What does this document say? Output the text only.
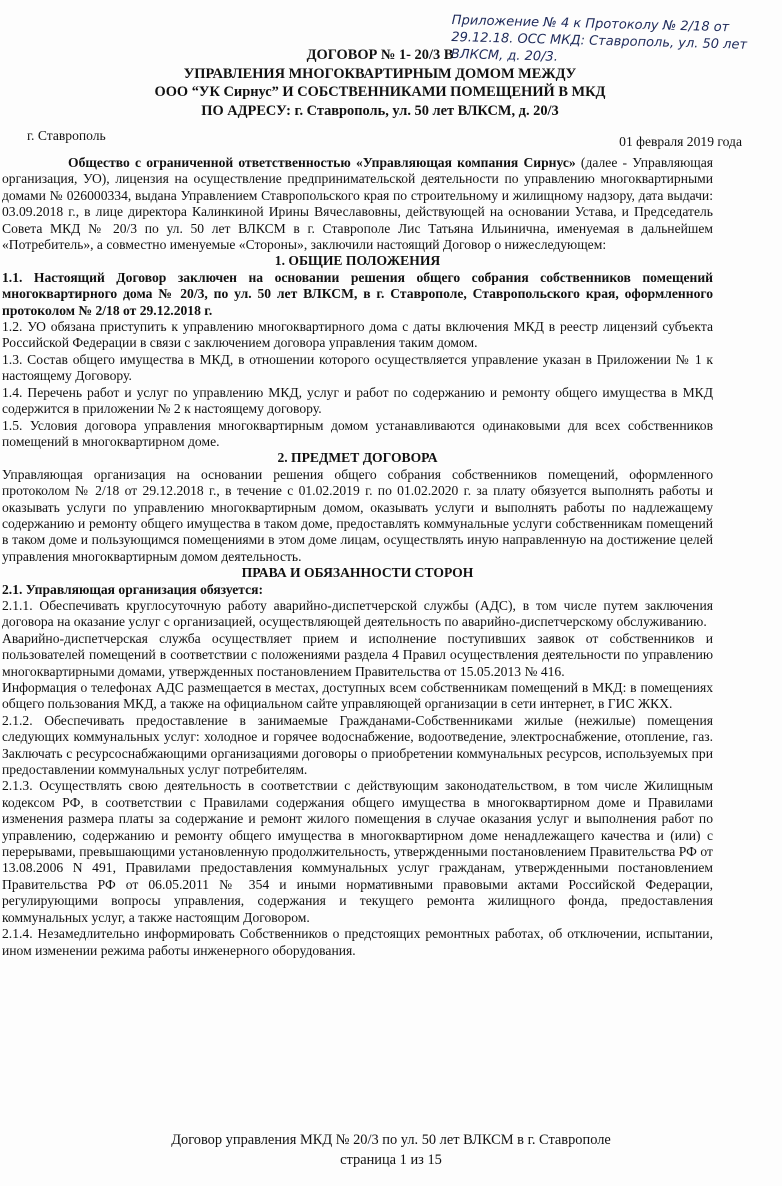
Приложение № 4 к Протоколу № 2/18 от
29.12.18. ОСС МКД: Ставрополь, ул. 50 лет
ВЛКСМ, д. 20/3.
ДОГОВОР № 1- 20/3 В
УПРАВЛЕНИЯ МНОГОКВАРТИРНЫМ ДОМОМ МЕЖДУ
ООО “УК Сирнус” И СОБСТВЕННИКАМИ ПОМЕЩЕНИЙ В МКД
ПО АДРЕСУ: г. Ставрополь, ул. 50 лет ВЛКСМ, д. 20/3
г. Ставрополь	01 февраля 2019 года

Общество с ограниченной ответственностью «Управляющая компания Сирнус» (далее - Управляющая организация, УО), лицензия на осуществление предпринимательской деятельности по управлению многоквартирными домами № 026000334, выдана Управлением Ставропольского края по строительному и жилищному надзору, дата выдачи: 03.09.2018 г., в лице директора Калинкиной Ирины Вячеславовны, действующей на основании Устава, и Председатель Совета МКД № 20/3 по ул. 50 лет ВЛКСМ в г. Ставрополе Лис Татьяна Ильинична, именуемая в дальнейшем «Потребитель», а совместно именуемые «Стороны», заключили настоящий Договор о нижеследующем:

1. ОБЩИЕ ПОЛОЖЕНИЯ

1.1. Настоящий Договор заключен на основании решения общего собрания собственников помещений многоквартирного дома № 20/3, по ул. 50 лет ВЛКСМ, в г. Ставрополе, Ставропольского края, оформленного протоколом № 2/18 от 29.12.2018 г.

1.2. УО обязана приступить к управлению многоквартирного дома с даты включения МКД в реестр лицензий субъекта Российской Федерации в связи с заключением договора управления таким домом.

1.3. Состав общего имущества в МКД, в отношении которого осуществляется управление указан в Приложении № 1 к настоящему Договору.

1.4. Перечень работ и услуг по управлению МКД, услуг и работ по содержанию и ремонту общего имущества в МКД содержится в приложении № 2 к настоящему договору.

1.5. Условия договора управления многоквартирным домом устанавливаются одинаковыми для всех собственников помещений в многоквартирном доме.

2. ПРЕДМЕТ ДОГОВОРА

Управляющая организация на основании решения общего собрания собственников помещений, оформленного протоколом № 2/18 от 29.12.2018 г., в течение с 01.02.2019 г. по 01.02.2020 г. за плату обязуется выполнять работы и оказывать услуги по управлению многоквартирным домом, оказывать услуги и выполнять работы по надлежащему содержанию и ремонту общего имущества в таком доме, предоставлять коммунальные услуги собственникам помещений в таком доме и пользующимся помещениями в этом доме лицам, осуществлять иную направленную на достижение целей управления многоквартирным домом деятельность.

ПРАВА И ОБЯЗАННОСТИ СТОРОН

2.1. Управляющая организация обязуется:

2.1.1. Обеспечивать круглосуточную работу аварийно-диспетчерской службы (АДС), в том числе путем заключения договора на оказание услуг с организацией, осуществляющей деятельность по аварийно-диспетчерскому обслуживанию.

Аварийно-диспетчерская служба осуществляет прием и исполнение поступивших заявок от собственников и пользователей помещений в соответствии с положениями раздела 4 Правил осуществления деятельности по управлению многоквартирными домами, утвержденных постановлением Правительства от 15.05.2013 № 416.

Информация о телефонах АДС размещается в местах, доступных всем собственникам помещений в МКД: в помещениях общего пользования МКД, а также на официальном сайте управляющей организации в сети интернет, в ГИС ЖКХ.

2.1.2. Обеспечивать предоставление в занимаемые Гражданами-Собственниками жилые (нежилые) помещения следующих коммунальных услуг: холодное и горячее водоснабжение, водоотведение, электроснабжение, отопление, газ. Заключать с ресурсоснабжающими организациями договоры о приобретении коммунальных ресурсов, используемых при предоставлении коммунальных услуг потребителям.

2.1.3. Осуществлять свою деятельность в соответствии с действующим законодательством, в том числе Жилищным кодексом РФ, в соответствии с Правилами содержания общего имущества в многоквартирном доме и Правилами изменения размера платы за содержание и ремонт жилого помещения в случае оказания услуг и выполнения работ по управлению, содержанию и ремонту общего имущества в многоквартирном доме ненадлежащего качества и (или) с перерывами, превышающими установленную продолжительность, утвержденными постановлением Правительства РФ от 13.08.2006 N 491, Правилами предоставления коммунальных услуг гражданам, утвержденными постановлением Правительства РФ от 06.05.2011 № 354 и иными нормативными правовыми актами Российской Федерации, регулирующими вопросы управления, содержания и текущего ремонта жилищного фонда, предоставления коммунальных услуг, а также настоящим Договором.

2.1.4. Незамедлительно информировать Собственников о предстоящих ремонтных работах, об отключении, испытании, ином изменении режима работы инженерного оборудования.

Договор управления МКД № 20/3 по ул. 50 лет ВЛКСМ в г. Ставрополе
страница 1 из 15
